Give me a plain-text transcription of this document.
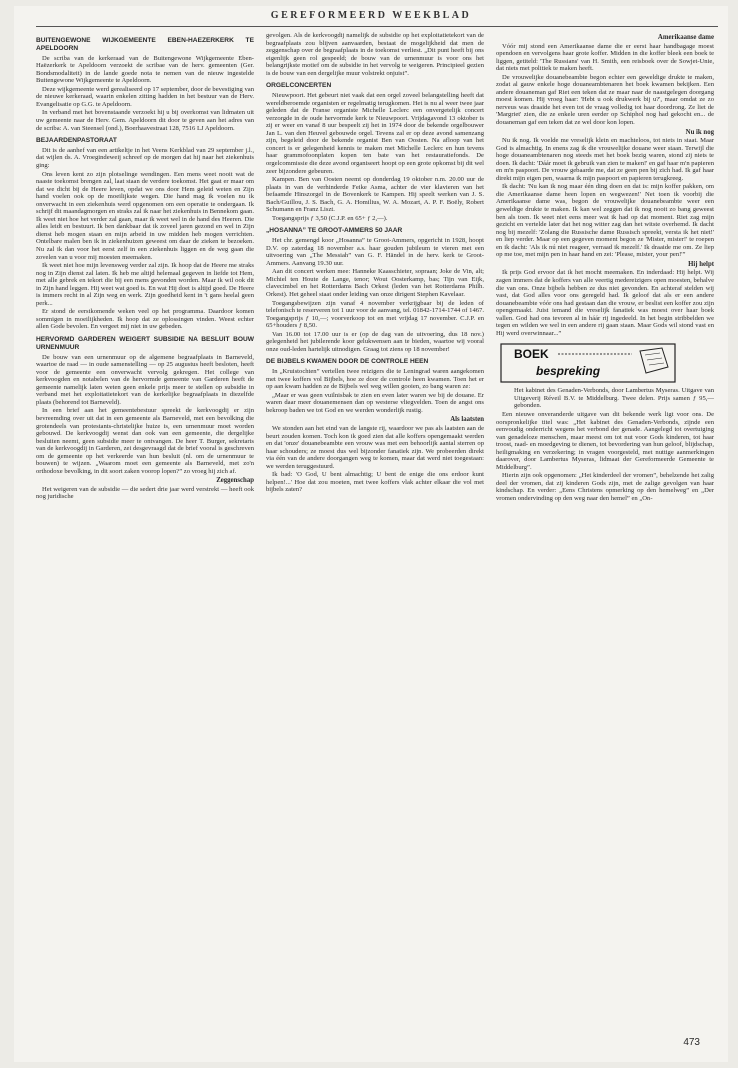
GEREFORMEERD WEEKBLAD
BUITENGEWONE WIJKGEMEENTE EBEN-HAEZERKERK TE APELDOORN

De scriba van de kerkeraad van de Buitengewone Wijkgemeente Eben-Haëzerkerk te Apeldoorn verzoekt de scribae van de herv. gemeenten (Ger. Bondsmodaliteit) in de lande goede nota te nemen van de nieuw ingestelde Buitengewone Wijkgemeente te Apeldoorn.

Deze wijkgemeente werd gerealiseerd op 17 september, door de bevestiging van de nieuwe kerkeraad, waarin enkelen zitting hadden in het bestuur van de Herv. Evangelisatie op G.G. te Apeldoorn.

In verband met het bovenstaande verzoekt hij u bij overkomst van lidmaten uit uw gemeente naar de Herv. Gem. Apeldoorn dit door te geven aan het adres van de scriba: A. van Steensel (ond.), Boerhaavestraat 128, 7516 LJ Apeldoorn.

BEJAARDENPASTORAAT

Dit is de aanhef van een artikeltje in het Veens Kerkblad van 29 september j.l., dat wijlen ds. A. Vroegindeweij schreef op de morgen dat hij naar het ziekenhuis ging:

Ons leven kent zo zijn plotselinge wendingen. Een mens weet nooit wat de naaste toekomst brengen zal, laat staan de verdere toekomst. Het gaat er maar om dat we dicht bij de Heere leven, opdat we ons door Hem geleid weten en Zijn hand voelen ook op de moeilijkste wegen. Die hand mag ik voelen nu ik onverwacht in een ziekenhuis werd opgenomen om een operatie te ondergaan. Ik schrijf dit maandagmorgen en straks zal ik naar het ziekenhuis in Bennekom gaan. Ik weet niet hoe het verder zal gaan, maar ik weet wel in de hand des Heeren. Die alles leidt en bestuurt. Ik ben dankbaar dat ik zoveel jaren gezond en wel in Zijn dienst heb mogen staan en mijn arbeid in uw midden heb mogen verrichten. Ontelbare malen ben ik in ziekenhuizen geweest om daar de zieken te bezoeken. Nu zal ik dan voor het eerst zelf in een ziekenhuis liggen en de weg gaan die zovelen van u voor mij moesten meemaken.

Ik weet niet hoe mijn levensweg verder zal zijn. Ik hoop dat de Heere me straks nog in Zijn dienst zal laten. Ik heb me altijd helemaal gegeven in liefde tot Hem, met alle gebrek en tekort die bij een mens gevonden worden. Maar ik wil ook dit in Zijn hand leggen. Hij weet wat goed is. En wat Hij doet is altijd goed. De Heere is immers recht in al Zijn weg en werk. Zijn goedheid kent in 't gans heelal geen perk...

Er stond de eerstkomende weken veel op het programma. Daardoor komen sommigen in moeilijkheden. Ik hoop dat ze oplossingen vinden. Weest echter allen Gode bevolen. En vergeet mij niet in uw gebeden.

HERVORMD GARDEREN WEIGERT SUBSIDIE NA BESLUIT BOUW URNENMUUR

De bouw van een urnenmuur op de algemene begraafplaats in Barneveld, waartoe de raad — in oude samenstelling — op 25 augustus heeft besloten, heeft voor de gemeente een onverwacht vervolg gekregen. Het college van kerkvoogden en notabelen van de hervormde gemeente van Garderen heeft de gemeente namelijk laten weten geen enkele prijs meer te stellen op subsidie in verband met het exploitatietekort van de kerkelijke begraafplaats in diezelfde plaats (behorend tot Barneveld).

In een brief aan het gemeentebestuur spreekt de kerkvoogdij er zijn bevreemding over uit dat in een gemeente als Barneveld, met een bevolking die grotendeels van protestants-christelijke huize is, een urnenmuur moet worden gebouwd. De kerkvoogdij wenst dan ook van een gemeente, die dergelijke besluiten neemt, geen subsidie meer te ontvangen. De heer T. Burger, sekretaris van de kerkvoogdij in Garderen, zei desgevraagd dat de brief vooral is geschreven om de gemeente op het verkeerde van hun besluit (nl. om de urnenmuur te bouwen) te wijzen. „Waarom moet een gemeente als Barneveld, met zo'n orthodoxe bevolking, in dit soort zaken voorop lopen?” zo vroeg hij zich af.

Zeggenschap

Het weigeren van de subsidie — die sedert drie jaar werd verstrekt — heeft ook nog juridische

gevolgen. Als de kerkvoogdij namelijk de subsidie op het exploitatietekort van de begraafplaats zou blijven aanvaarden, bestaat de mogelijkheid dat men de zeggenschap over de begraafplaats in de toekomst verliest. „Dit punt heeft bij ons eigenlijk geen rol gespeeld; de bouw van de urnenmuur is voor ons het belangrijkste motief om de subsidie in het vervolg te weigeren. Principieel gezien is de bouw van een dergelijke muur volstrekt onjuist”.

ORGELCONCERTEN

Nieuwpoort. Het gebeurt niet vaak dat een orgel zoveel belangstelling heeft dat wereldberoemde organisten er regelmatig terugkomen. Het is nu al weer twee jaar geleden dat de Franse organiste Michelle Leclerc een onvergetelijk concert verzorgde in de oude hervormde kerk te Nieuwpoort. Vrijdagavond 13 oktober is zij er weer en vanaf 8 uur bespeelt zij het in 1974 door de bekende orgelbouwer Jan L. van den Heuvel gebouwde orgel. Tevens zal er op deze avond samenzang zijn, begeleid door de bekende organist Ben van Oosten. Na afloop van het concert is er gelegenheid kennis te maken met Michelle Leclerc en hun tevens haar grammofoonplaten kopen ten bate van het restauratiefonds. De orgelcommissie die deze avond organiseert hoopt op een grote opkomst bij dit wel zeer bijzondere gebeuren.

Kampen. Ben van Oosten neemt op donderdag 19 oktober n.m. 20.00 uur de plaats in van de verhinderde Feike Asma, achter de vier klavieren van het befaamde Hinszorgel in de Bovenkerk te Kampen. Hij speelt werken van J. S. Bach/Guillou, J. S. Bach, G. A. Homilius, W. A. Mozart, A. P. F. Boëly, Robert Schumann en Franz Liszt.

Toegangsprijs ƒ 3,50 (C.J.P. en 65+ ƒ 2,—).

„HOSANNA” TE GROOT-AMMERS 50 JAAR

Het chr. gemengd koor „Hosanna” te Groot-Ammers, opgericht in 1928, hoopt D.V. op zaterdag 18 november a.s. haar gouden jubileum te vieren met een uitvoering van „The Messiah” van G. F. Händel in de herv. kerk te Groot-Ammers. Aanvang 19.30 uur.

Aan dit concert werken mee: Hanneke Kaasschieter, sopraan; Joke de Vin, alt; Michiel ten Houte de Lange, tenor; Wout Oosterkamp, bas; Tijn van Eijk, clavecimbel en het Rotterdams Bach Orkest (leden van het Rotterdams Philh. Orkest). Het geheel staat onder leiding van onze dirigent Stephen Kavelaar.

Toegangsbewijzen zijn vanaf 4 november verkrijgbaar bij de leden of telefonisch te reserveren tot 1 uur voor de aanvang, tel. 01842-1714-1744 of 1467. Toegangsprijs ƒ 10,—; voorverkoop tot en met vrijdag 17 november. C.J.P. en 65+houders ƒ 8,50.

Van 16.00 tot 17.00 uur is er (op de dag van de uitvoering, dus 18 nov.) gelegenheid het jubilerende koor gelukwensen aan te bieden, waartoe wij vooral onze oud-leden hartelijk uitnodigen. Graag tot ziens op 18 november!

DE BIJBELS KWAMEN DOOR DE CONTROLE HEEN

In „Kruistochten” vertellen twee reizigers die te Leningrad waren aangekomen met twee koffers vol Bijbels, hoe ze door de controle heen kwamen. Toen het er op aan kwam hadden ze de Bijbels wel weg willen gooien, zo bang waren ze:

„Maar er was geen vuilnisbak te zien en even later waren we bij de douane. Er waren daar meer douanemensen dan op westerse vliegvelden. Toen de angst ons bekroop baden we tot God en we werden wonderlijk rustig.

Als laatsten

We stonden aan het eind van de langste rij, waardoor we pas als laatsten aan de beurt zouden komen. Toch kon ik goed zien dat alle koffers opengemaakt werden en dat 'onze' douanebeambte een vrouw was met een behoorlijk aantal sterren op haar schouders; ze moest dus wel bijzonder fanatiek zijn. We probeerden direkt via één van de andere doorgangen weg te komen, maar dat werd niet toegestaan: we werden teruggestuurd.

Ik bad: 'O God, U bent almachtig; U bent de enige die ons erdoor kunt helpen!...' Hoe dat zou moeten, met twee koffers vlak achter elkaar die vol met bijbels zaten?

Amerikaanse dame

Vóór mij stond een Amerikaanse dame die er eerst haar handbagage moest opendoen en vervolgens haar grote koffer. Midden in die koffer bleek een boek te liggen, getiteld: 'The Russians' van H. Smith, een reisboek over de Sowjet-Unie, dat niets met politiek te maken heeft.

De vrouwelijke douanebeambte begon echter een geweldige drukte te maken, zodat al gauw enkele hoge douaneambtenaren het boek kwamen bekijken. Een andere douaneman gaf Riet een teken dat ze maar naar de naastgelegen doorgang moest komen. Hij vroeg haar: 'Hebt u ook drukwerk bij u?', maar omdat ze zo nerveus was draaide het even tot de vraag volledig tot haar doordrong. Ze liet de 'Margriet' zien, die ze enkele uren eerder op Schiphol nog had gekocht en... de douaneman gaf een teken dat ze wel door kon lopen.

Nu ik nog

Nu ik nog. Ik voelde me vreselijk klein en machteloos, tot niets in staat. Maar God is almachtig. In enens zag ik die vrouwelijke douane weer staan. Terwijl die hoge douaneambtenaren nog steeds met het boek bezig waren, stond zij niets te doen. Ik dacht: 'Dáár moet ik gebruik van zien te maken!' en gaf haar m'n papieren en m'n paspoort. De vrouw gebaarde me, dat ze geen pen bij zich had. Ik gaf haar direkt mijn eigen pen, waarna ik mijn paspoort en papieren terugkreeg.

Ik dacht: 'Nu kan ik nog maar één ding doen en dat is: mijn koffer pakken, om die Amerikaanse dame heen lopen en wegwezen!' Net toen ik voorbij die Amerikaanse dame was, begon de vrouwelijke douanebeambte weer een geweldige drukte te maken. Ik kan wel zeggen dat ik nog nooit zo bang geweest ben als toen. Ik weet niet eens meer wat ik had op dat moment. Riet zag mijn gezicht en vertelde later dat het nog witter zag dan het witste overhemd. Ik dacht nog bij mezelf: 'Zolang die Russische dame Russisch spreekt, versta ik het niet!' en liep verder. Maar op een gegeven moment begon ze 'Mister, mister!' te roepen en ik dacht: 'Als ik nú niet reageer, verraad ik mezelf.' Ik draaide me om. Ze liep op me toe, met mijn pen in haar hand en zei: 'Please, mister, your pen!'”

Hij helpt

Ik prijs God ervoor dat ik het mocht meemaken. En inderdaad: Hij helpt. Wij zagen immers dat de koffers van alle veertig medereizigers open moesten, behalve die van ons. Onze bijbels hebben ze dus niet gevonden. En achteraf stelden wij vast, dat God alles voor ons geregeld had. Ik geloof dat als er een andere douanebeambte vóór ons had gestaan dan die vrouw, er beslist een koffer zou zijn opengemaakt. Juist iemand die vreselijk fanatiek was moest over haar boek vallen. God had ons tevoren al in háár rij ingedeeld. In het begin stribbelden we tegen en wilden we wel in een andere rij gaan staan. Maar Gods wil stond vast en Hij werd overwinnaar...”

BOEK
bespreking

Het kabinet des Genaden-Verbonds, door Lambertus Myseras. Uitgave van Uitgeverij Réveil B.V. te Middelburg. Twee delen. Prijs samen ƒ 95,— gebonden.

Een nieuwe onveranderde uitgave van dit bekende werk ligt voor ons. De oorspronkelijke titel was: „Het kabinet des Genaden-Verbonds, zijnde een eenvoudig onderricht wegens het verbond der genade. Aangelegd tot overtuiging van genadeloze menschen, maar meest om tot nut voor Gods kinderen, tot haar troost, raad- en moedgeving te dienen, tot bevordering van hun geloof, blijdschap, heiligmaking en verzekering; in vragen voorgesteld, met nuttige aanmerkingen daarover, door Lambertus Myseras, lidmaat der Gereformeerde Gemeente te Middelburg”.

Hierin zijn ook opgenomen: „Het kinderdeel der vromen”, behelzende het zalig deel der vromen, dat zij kinderen Gods zijn, met de zalige gevolgen van haar kindschap. En verder: „Eens Christens opmerking op den hemelweg” en „Der vromen ondervinding op den weg naar den hemel” en „On-

473
